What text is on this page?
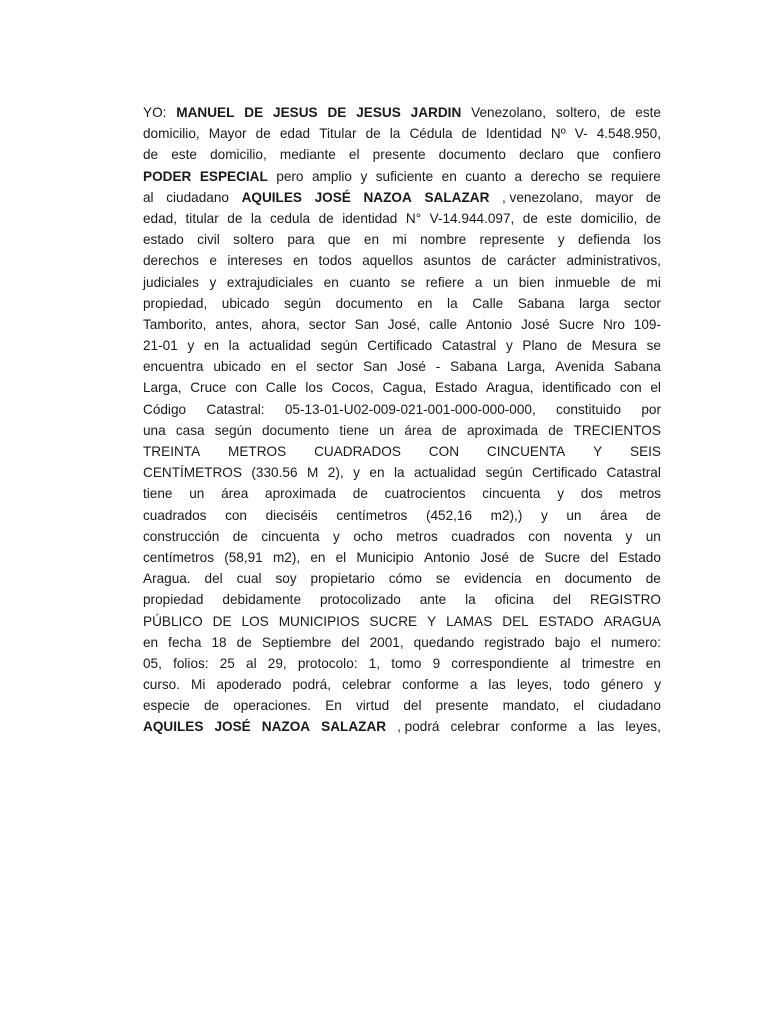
YO: MANUEL DE JESUS DE JESUS JARDIN Venezolano, soltero, de este
domicilio, Mayor de edad Titular de la Cédula de Identidad Nº V- 4.548.950,
de este domicilio, mediante el presente documento declaro que confiero
PODER ESPECIAL pero amplio y suficiente en cuanto a derecho se requiere
al ciudadano AQUILES JOSÉ NAZOA SALAZAR , venezolano, mayor de
edad, titular de la cedula de identidad N° V-14.944.097, de este domicilio, de
estado civil soltero para que en mi nombre represente y defienda los
derechos e intereses en todos aquellos asuntos de carácter administrativos,
judiciales y extrajudiciales en cuanto se refiere a un bien inmueble de mi
propiedad, ubicado según documento en la Calle Sabana larga sector
Tamborito, antes, ahora, sector San José, calle Antonio José Sucre Nro 109-
21-01 y en la actualidad según Certificado Catastral y Plano de Mesura se
encuentra ubicado en el sector San José - Sabana Larga, Avenida Sabana
Larga, Cruce con Calle los Cocos, Cagua, Estado Aragua, identificado con el
Código Catastral: 05-13-01-U02-009-021-001-000-000-000, constituido por
una casa según documento tiene un área de aproximada de TRECIENTOS
TREINTA METROS CUADRADOS CON CINCUENTA Y SEIS
CENTÍMETROS (330.56 M 2), y en la actualidad según Certificado Catastral
tiene un área aproximada de cuatrocientos cincuenta y dos metros
cuadrados con dieciséis centímetros (452,16 m2),) y un área de
construcción de cincuenta y ocho metros cuadrados con noventa y un
centímetros (58,91 m2), en el Municipio Antonio José de Sucre del Estado
Aragua. del cual soy propietario cómo se evidencia en documento de
propiedad debidamente protocolizado ante la oficina del REGISTRO
PÚBLICO DE LOS MUNICIPIOS SUCRE Y LAMAS DEL ESTADO ARAGUA
en fecha 18 de Septiembre del 2001, quedando registrado bajo el numero:
05, folios: 25 al 29, protocolo: 1, tomo 9 correspondiente al trimestre en
curso. Mi apoderado podrá, celebrar conforme a las leyes, todo género y
especie de operaciones. En virtud del presente mandato, el ciudadano
AQUILES JOSÉ NAZOA SALAZAR , podrá celebrar conforme a las leyes,
